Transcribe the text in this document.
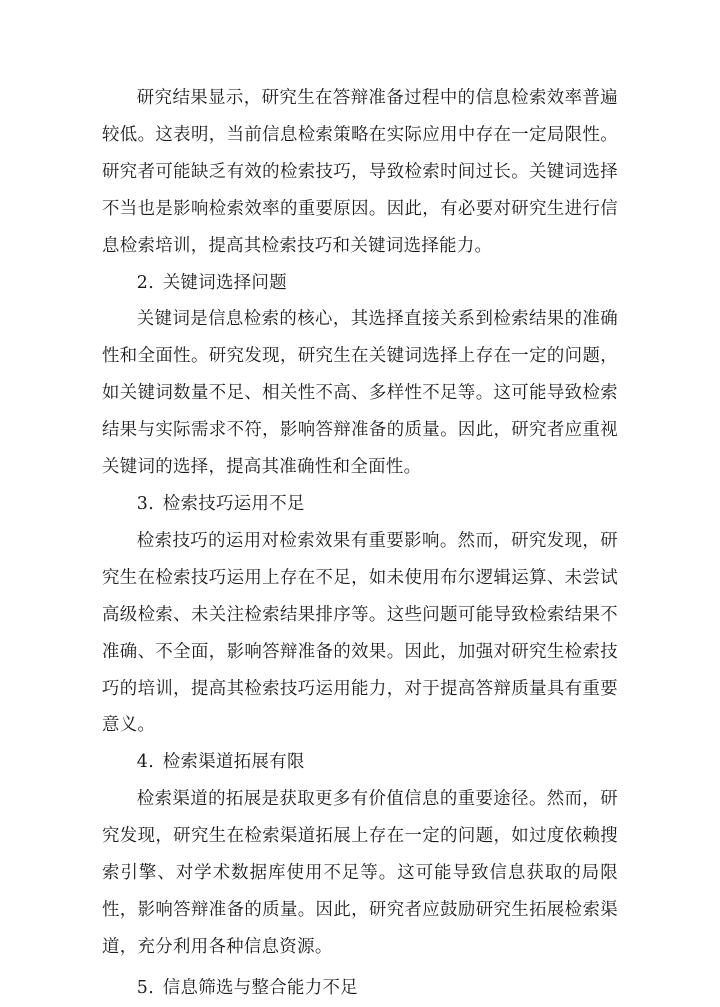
研究结果显示，研究生在答辩准备过程中的信息检索效率普遍较低。这表明，当前信息检索策略在实际应用中存在一定局限性。研究者可能缺乏有效的检索技巧，导致检索时间过长。关键词选择不当也是影响检索效率的重要原因。因此，有必要对研究生进行信息检索培训，提高其检索技巧和关键词选择能力。

2. 关键词选择问题

关键词是信息检索的核心，其选择直接关系到检索结果的准确性和全面性。研究发现，研究生在关键词选择上存在一定的问题，如关键词数量不足、相关性不高、多样性不足等。这可能导致检索结果与实际需求不符，影响答辩准备的质量。因此，研究者应重视关键词的选择，提高其准确性和全面性。

3. 检索技巧运用不足

检索技巧的运用对检索效果有重要影响。然而，研究发现，研究生在检索技巧运用上存在不足，如未使用布尔逻辑运算、未尝试高级检索、未关注检索结果排序等。这些问题可能导致检索结果不准确、不全面，影响答辩准备的效果。因此，加强对研究生检索技巧的培训，提高其检索技巧运用能力，对于提高答辩质量具有重要意义。

4. 检索渠道拓展有限

检索渠道的拓展是获取更多有价值信息的重要途径。然而，研究发现，研究生在检索渠道拓展上存在一定的问题，如过度依赖搜索引擎、对学术数据库使用不足等。这可能导致信息获取的局限性，影响答辩准备的质量。因此，研究者应鼓励研究生拓展检索渠道，充分利用各种信息资源。

5. 信息筛选与整合能力不足
